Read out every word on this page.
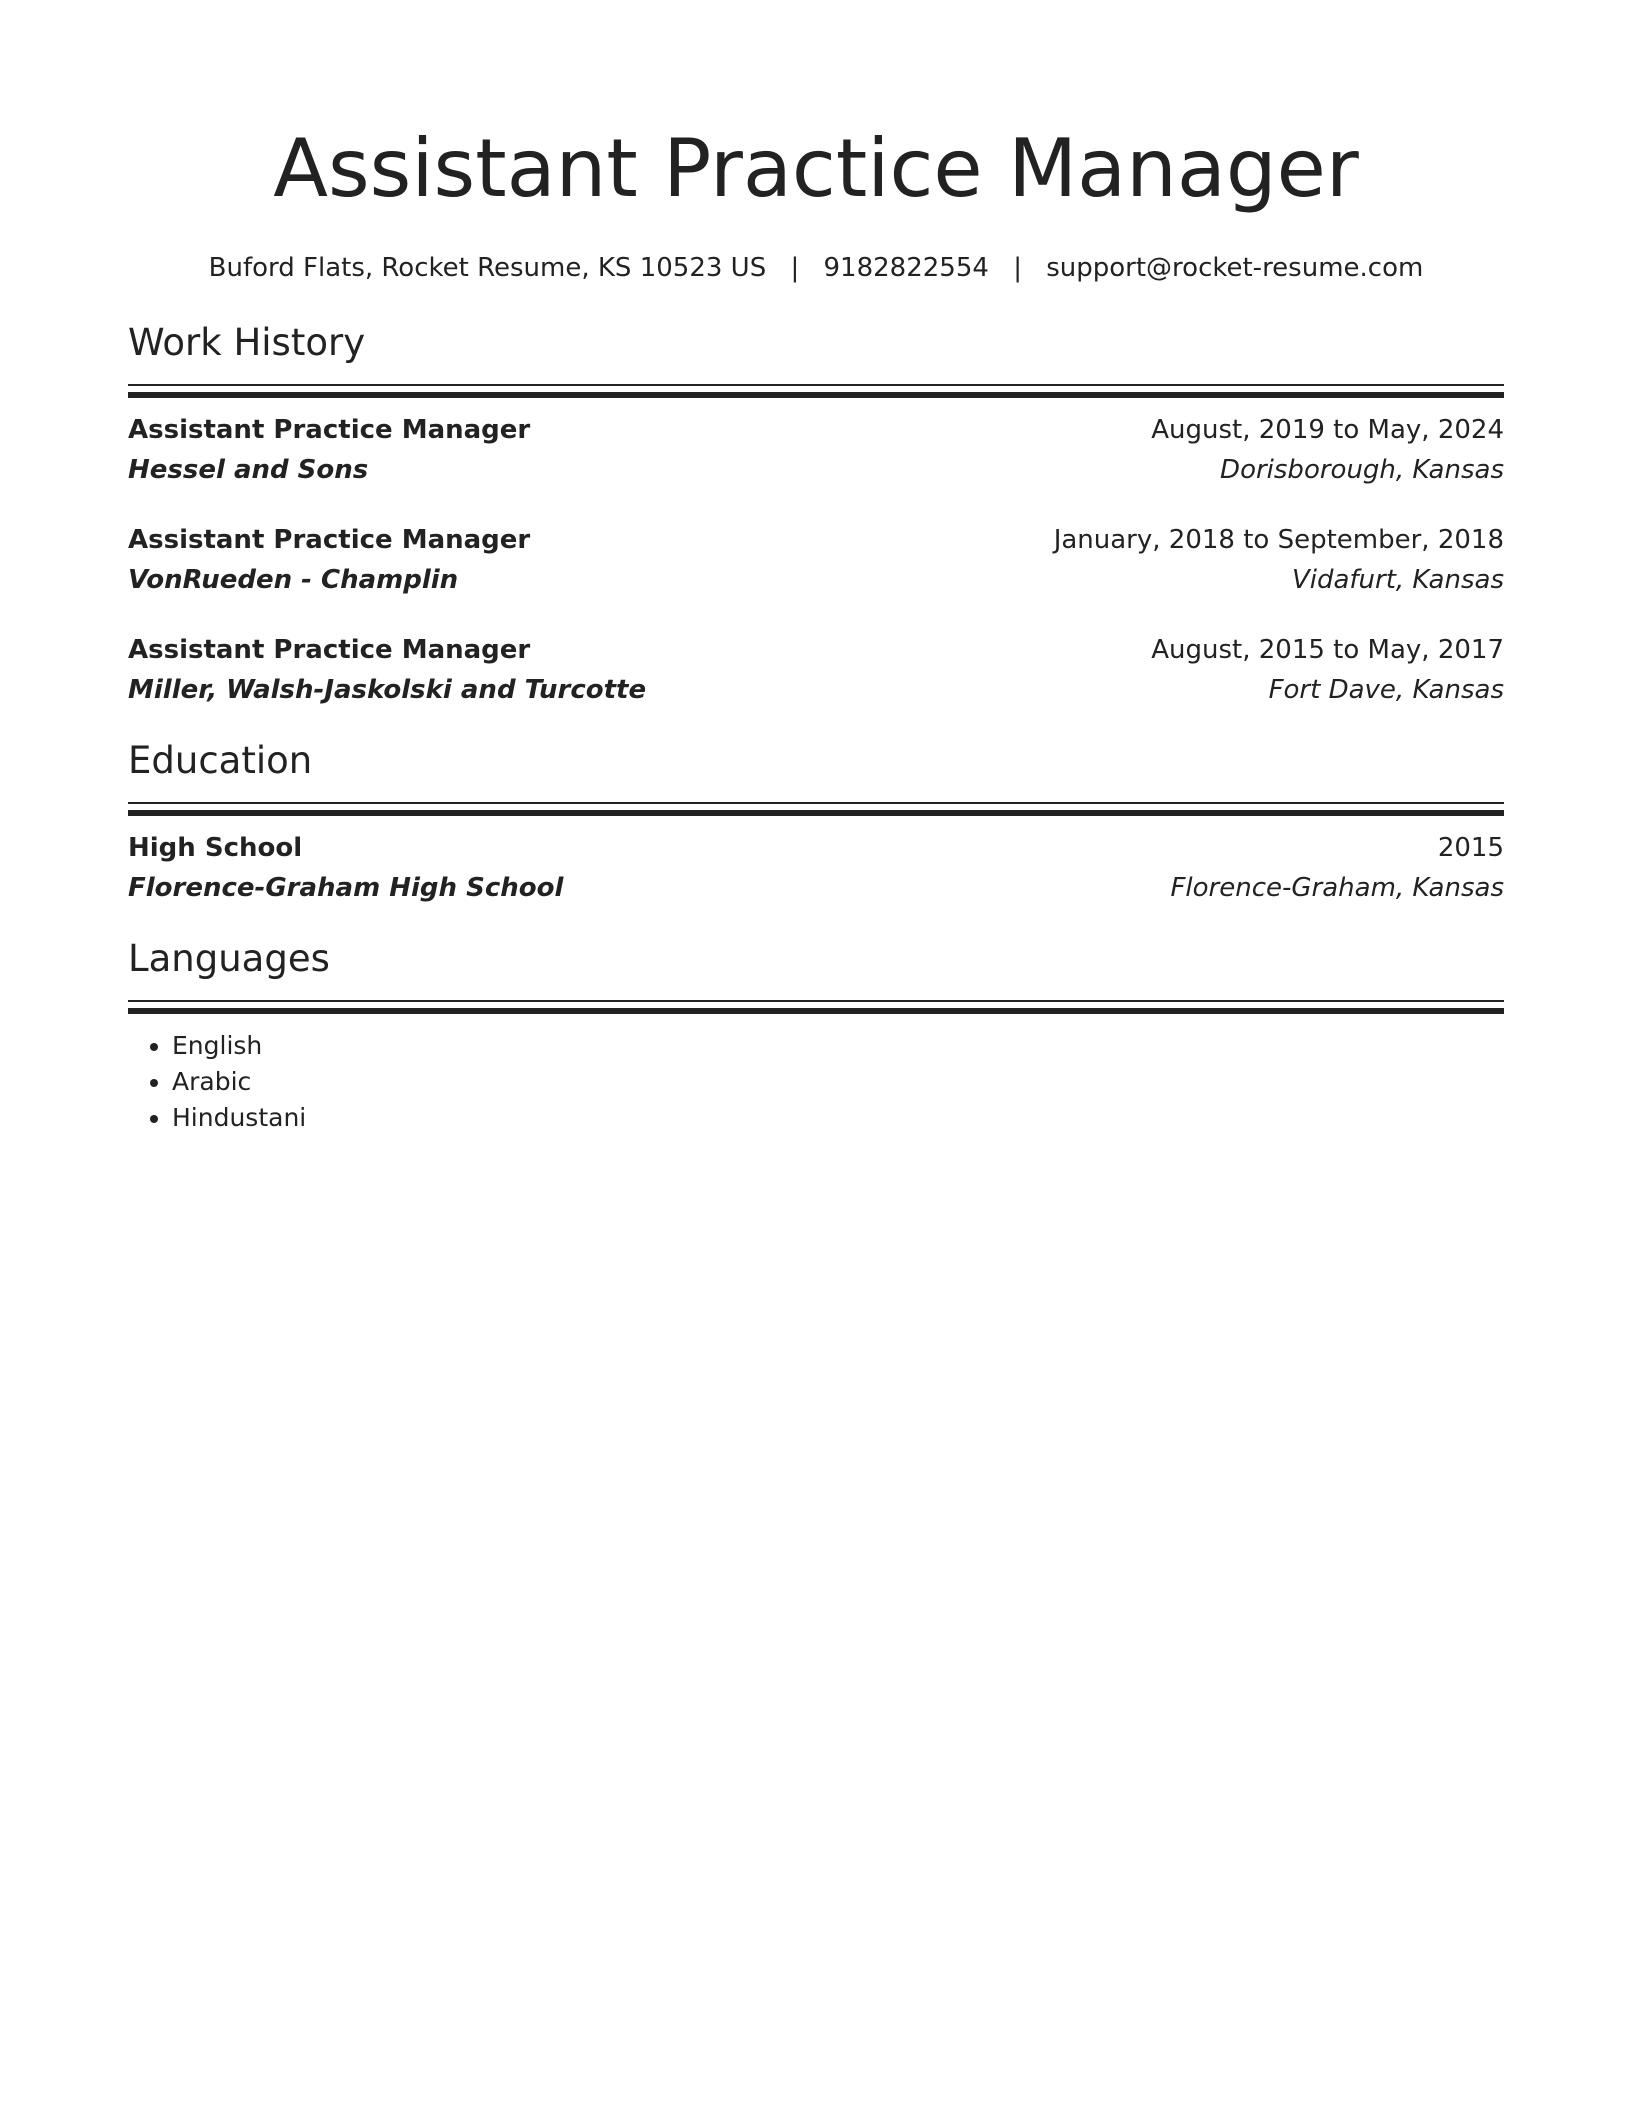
Assistant Practice Manager
Buford Flats, Rocket Resume, KS 10523 US | 9182822554 | support@rocket-resume.com
Work History
Assistant Practice Manager	August, 2019 to May, 2024
Hessel and Sons	Dorisborough, Kansas
Assistant Practice Manager	January, 2018 to September, 2018
VonRueden - Champlin	Vidafurt, Kansas
Assistant Practice Manager	August, 2015 to May, 2017
Miller, Walsh-Jaskolski and Turcotte	Fort Dave, Kansas
Education
High School	2015
Florence-Graham High School	Florence-Graham, Kansas
Languages
• English
• Arabic
• Hindustani
